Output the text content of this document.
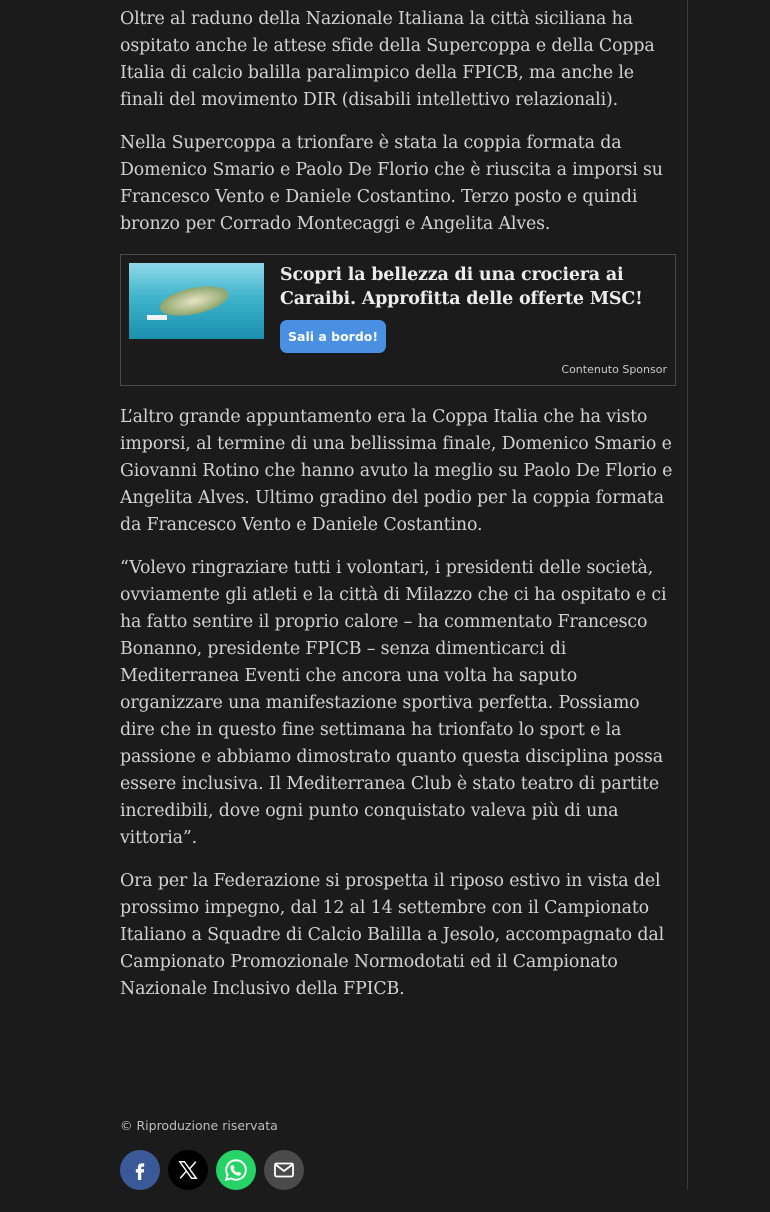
Oltre al raduno della Nazionale Italiana la città siciliana ha ospitato anche le attese sfide della Supercoppa e della Coppa Italia di calcio balilla paralimpico della FPICB, ma anche le finali del movimento DIR (disabili intellettivo relazionali).

Nella Supercoppa a trionfare è stata la coppia formata da Domenico Smario e Paolo De Florio che è riuscita a imporsi su Francesco Vento e Daniele Costantino. Terzo posto e quindi bronzo per Corrado Montecaggi e Angelita Alves.

Scopri la bellezza di una crociera ai Caraibi. Approfitta delle offerte MSC!
Sali a bordo!
Contenuto Sponsor

L’altro grande appuntamento era la Coppa Italia che ha visto imporsi, al termine di una bellissima finale, Domenico Smario e Giovanni Rotino che hanno avuto la meglio su Paolo De Florio e Angelita Alves. Ultimo gradino del podio per la coppia formata da Francesco Vento e Daniele Costantino.

“Volevo ringraziare tutti i volontari, i presidenti delle società, ovviamente gli atleti e la città di Milazzo che ci ha ospitato e ci ha fatto sentire il proprio calore – ha commentato Francesco Bonanno, presidente FPICB – senza dimenticarci di Mediterranea Eventi che ancora una volta ha saputo organizzare una manifestazione sportiva perfetta. Possiamo dire che in questo fine settimana ha trionfato lo sport e la passione e abbiamo dimostrato quanto questa disciplina possa essere inclusiva. Il Mediterranea Club è stato teatro di partite incredibili, dove ogni punto conquistato valeva più di una vittoria”.

Ora per la Federazione si prospetta il riposo estivo in vista del prossimo impegno, dal 12 al 14 settembre con il Campionato Italiano a Squadre di Calcio Balilla a Jesolo, accompagnato dal Campionato Promozionale Normodotati ed il Campionato Nazionale Inclusivo della FPICB.

© Riproduzione riservata
